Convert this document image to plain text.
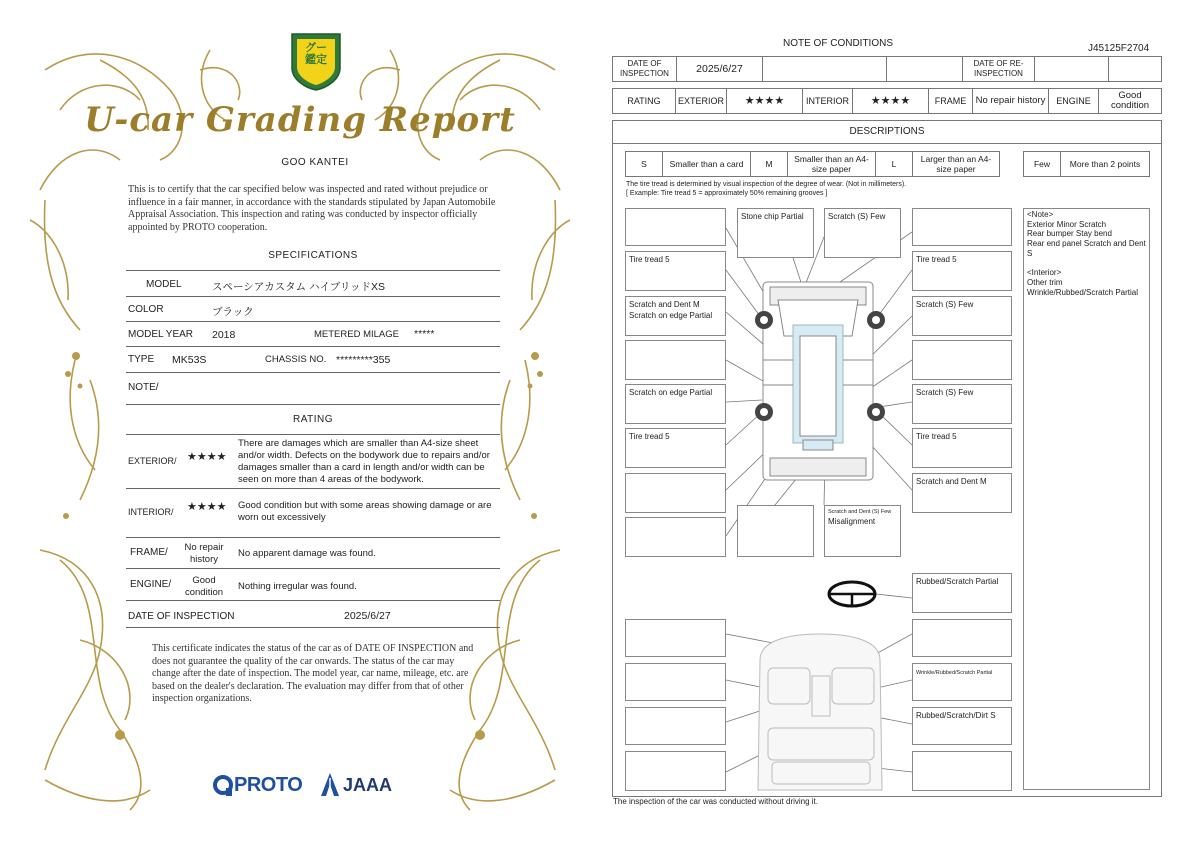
グー
鑑定
U-car Grading Report
GOO KANTEI
This is to certify that the car specified below was inspected and rated without prejudice or influence in a fair manner, in accordance with the standards stipulated by Japan Automobile Appraisal Association. This inspection and rating was conducted by inspector officially appointed by PROTO cooperation.
SPECIFICATIONS
MODEL	スペーシアカスタム ハイブリッドXS
COLOR	ブラック
MODEL YEAR 2018	METERED MILAGE *****
TYPE MK53S	CHASSIS NO. *********355
NOTE/
RATING
EXTERIOR/ ★★★★
There are damages which are smaller than A4-size sheet and/or width. Defects on the bodywork due to repairs and/or damages smaller than a card in length and/or width can be seen on more than 4 areas of the bodywork.
INTERIOR/ ★★★★ Good condition but with some areas showing damage or are worn out excessively
FRAME/	No repair history
No apparent damage was found.
ENGINE/	Good condition
Nothing irregular was found.
DATE OF INSPECTION	2025/6/27
This certificate indicates the status of the car as of DATE OF INSPECTION and does not guarantee the quality of the car onwards. The status of the car may change after the date of inspection. The model year, car name, mileage, etc. are based on the dealer's declaration. The evaluation may differ from that of other inspection organizations.
PROTO JAAA
NOTE OF CONDITIONS	J45125F2704
DATE OF INSPECTION	2025/6/27			DATE OF RE-INSPECTION		
RATING	EXTERIOR	★★★★	INTERIOR	★★★★	FRAME	No repair history	ENGINE	Good condition
DESCRIPTIONS
S	Smaller than a card	M	Smaller than an A4-size paper	L	Larger than an A4-size paper	Few	More than 2 points
The tire tread is determined by visual inspection of the degree of wear. (Not in millimeters).
[ Example: Tire tread 5 = approximately 50% remaining grooves ]
Stone chip Partial	Scratch (S) Few
Tire tread 5	Tire tread 5
Scratch and Dent M
Scratch on edge Partial
Scratch (S) Few
Scratch on edge Partial	Scratch (S) Few
Tire tread 5	Tire tread 5
Scratch and Dent M
Scratch and Dent (S) Few
Misalignment
Rubbed/Scratch Partial
Wrinkle/Rubbed/Scratch Partial
Rubbed/Scratch/Dirt S
<Note>
Exterior Minor Scratch
Rear bumper Stay bend
Rear end panel Scratch and Dent S
<Interior>
Other trim
Wrinkle/Rubbed/Scratch Partial
The inspection of the car was conducted without driving it.
